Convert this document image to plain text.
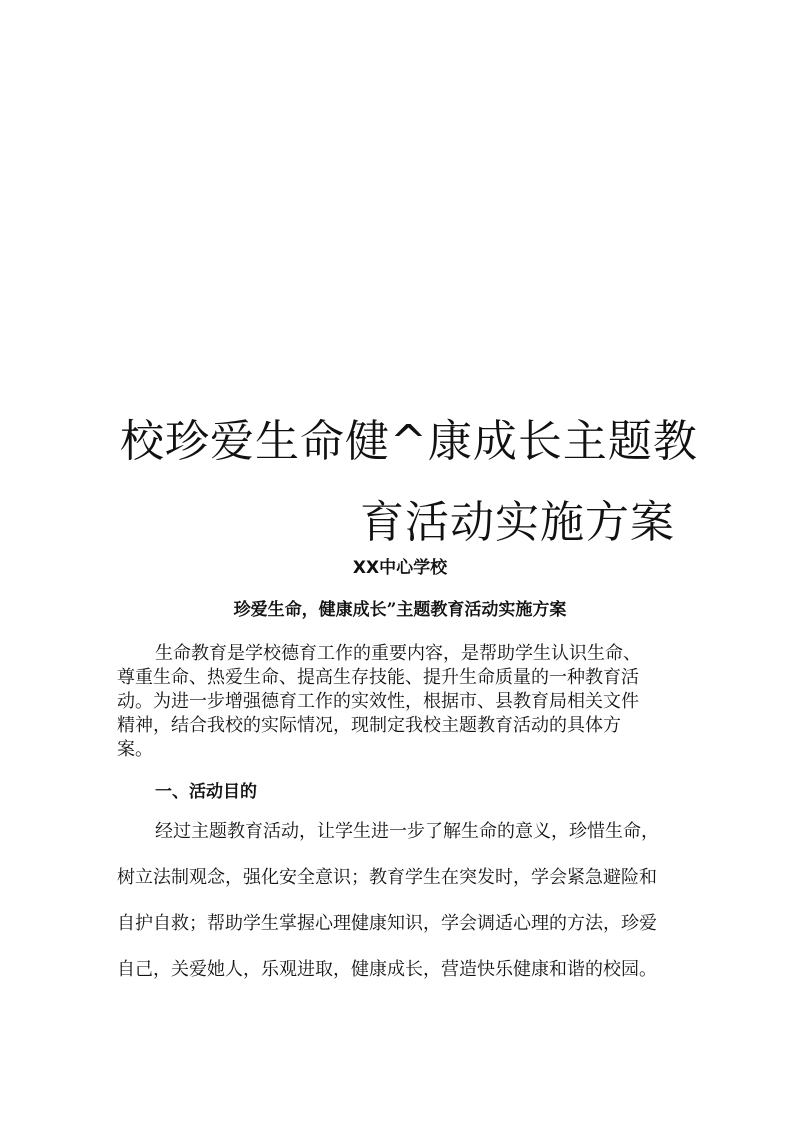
校珍爱生命健^康成长主题教
育活动实施方案
XX中心学校
珍爱生命，健康成长”主题教育活动实施方案
生命教育是学校德育工作的重要内容，是帮助学生认识生命、
尊重生命、热爱生命、提高生存技能、提升生命质量的一种教育活
动。为进一步增强德育工作的实效性，根据市、县教育局相关文件
精神，结合我校的实际情况，现制定我校主题教育活动的具体方
案。
一、活动目的
经过主题教育活动，让学生进一步了解生命的意义，珍惜生命，
树立法制观念，强化安全意识；教育学生在突发时，学会紧急避险和
自护自救；帮助学生掌握心理健康知识，学会调适心理的方法，珍爱
自己，关爱她人，乐观进取，健康成长，营造快乐健康和谐的校园。
